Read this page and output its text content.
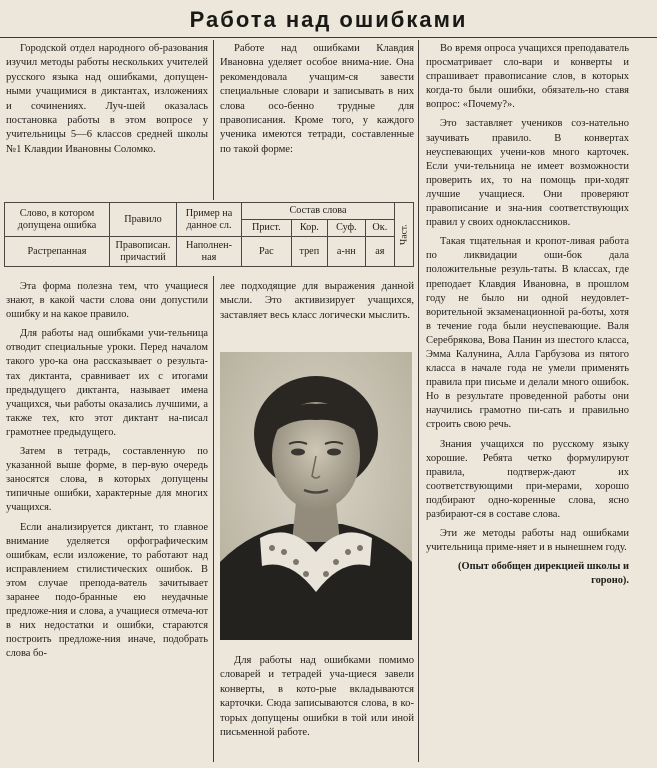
Работа над ошибками

Городской отдел народного об-разования изучил методы работы нескольких учителей русского языка над ошибками, допущен-ными учащимися в диктантах, изложениях и сочинениях. Луч-шей оказалась постановка работы в этом вопросе у учительницы 5—6 классов средней школы №1 Клавдии Ивановны Соломко.

Работе над ошибками Клавдия Ивановна уделяет особое внима-ние. Она рекомендовала учащим-ся завести специальные словари и записывать в них слова осо-бенно трудные для правописания. Кроме того, у каждого ученика имеются тетради, составленные по такой форме:

Слово, в котором допущена ошибка	Правило	Пример на данное сл.	Состав слова				Част.
			Прист.	Кор.	Суф.	Ок.	
Растрепанная	Правописан. причастий	Наполнен-ная	Рас	треп	а-нн	ая	

Эта форма полезна тем, что учащиеся знают, в какой части слова они допустили ошибку и на какое правило.

Для работы над ошибками учи-тельница отводит специальные уроки. Перед началом такого уро-ка она рассказывает о результа-тах диктанта, сравнивает их с итогами предыдущего диктанта, называет имена учащихся, чьи работы оказались лучшими, а также тех, кто этот диктант на-писал грамотнее предыдущего.

Затем в тетрадь, составленную по указанной выше форме, в пер-вую очередь заносятся слова, в которых допущены типичные ошибки, характерные для многих учащихся.

Если анализируется диктант, то главное внимание уделяется орфографическим ошибкам, если изложение, то работают над исправлением стилистических ошибок. В этом случае препода-ватель зачитывает заранее подо-бранные ею неудачные предложе-ния и слова, а учащиеся отмеча-ют в них недостатки и ошибки, стараются построить предложе-ния иначе, подобрать слова бо-

лее подходящие для выражения данной мысли. Это активизирует учащихся, заставляет весь класс логически мыслить.

Для работы над ошибками помимо словарей и тетрадей уча-щиеся завели конверты, в кото-рые вкладываются карточки. Сюда записываются слова, в ко-торых допущены ошибки в той или иной письменной работе.

Во время опроса учащихся преподаватель просматривает сло-вари и конверты и спрашивает правописание слов, в которых когда-то были ошибки, обязатель-но ставя вопрос: «Почему?».

Это заставляет учеников соз-нательно заучивать правило. В конвертах неуспевающих учени-ков много карточек. Если учи-тельница не имеет возможности проверить их, то на помощь при-ходят лучшие учащиеся. Они проверяют правописание и зна-ния соответствующих правил у своих одноклассников.

Такая тщательная и кропот-ливая работа по ликвидации оши-бок дала положительные резуль-таты. В классах, где преподает Клавдия Ивановна, в прошлом году не было ни одной неудовлет-ворительной экзаменационной ра-боты, хотя в течение года были неуспевающие. Валя Серебрякова, Вова Панин из шестого класса, Эмма Калунина, Алла Гарбузова из пятого класса в начале года не умели применять правила при письме и делали много ошибок. Но в результате проведенной работы они научились грамотно пи-сать и правильно строить свою речь.

Знания учащихся по русскому языку хорошие. Ребята четко формулируют правила, подтверж-дают их соответствующими при-мерами, хорошо подбирают одно-коренные слова, ясно разбирают-ся в составе слова.

Эти же методы работы над ошибками учительница приме-няет и в нынешнем году.

(Опыт обобщен дирекцией школы и гороно).
